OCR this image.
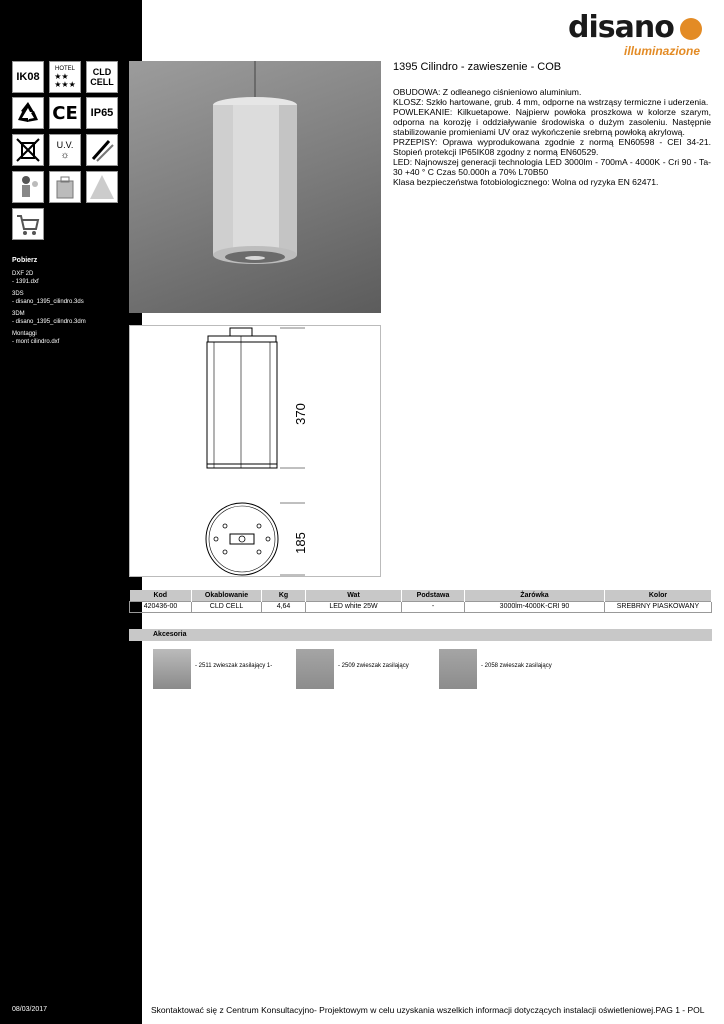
IK08
HOTEL
★★
★★★
CLD
CELL
CE IP65
U.V.
☼
Pobierz
DXF 2D
- 1391.dxf
3DS
- disano_1395_cilindro.3ds
3DM
- disano_1395_cilindro.3dm
Montaggi
- mont cilindro.dxf
08/03/2017
disano
illuminazione
1395 Cilindro - zawieszenie - COB

OBUDOWA: Z odleanego ciśnieniowo aluminium.

KLOSZ: Szkło hartowane, grub. 4 mm, odporne na wstrząsy termiczne i uderzenia.

POWLEKANIE: Kilkuetapowe. Najpierw powłoka proszkowa w kolorze szarym, odporna na korozję i oddziaływanie środowiska o dużym zasoleniu. Następnie stabilizowanie promieniami UV oraz wykończenie srebrną powłoką akrylową.

PRZEPISY: Oprawa wyprodukowana zgodnie z normą EN60598 - CEI 34-21. Stopień protekcji IP65IK08 zgodny z normą EN60529.

LED: Najnowszej generacji technologia LED 3000lm - 700mA - 4000K - Cri 90 - Ta-30 +40 ° C Czas 50.000h a 70% L70B50

Klasa bezpieczeństwa fotobiologicznego: Wolna od ryzyka EN 62471.

370
185
Kod	Okablowanie	Kg	Wat	Podstawa	Żarówka	Kolor
420436-00	CLD CELL	4,64	LED white 25W	-	3000lm-4000K-CRI 90	SREBRNY PIASKOWANY
Akcesoria
- 2511 zwieszak zasilający 1-	- 2509 zwieszak zasilający	- 2058 zwieszak zasilający
Skontaktować się z Centrum Konsultacyjno- Projektowym w celu uzyskania wszelkich informacji dotyczących instalacji oświetleniowej.PAG 1 - POL
